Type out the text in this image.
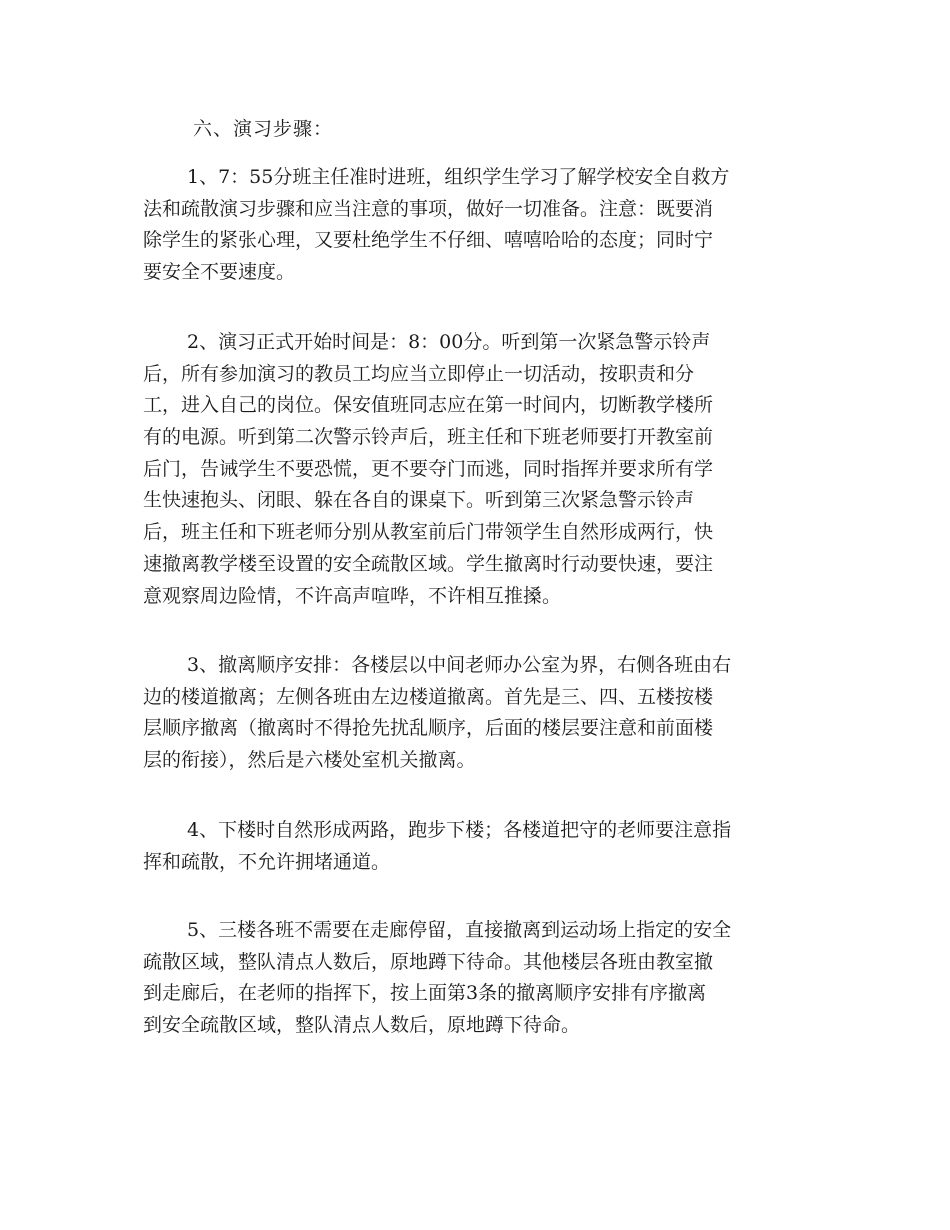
六、演习步骤：
1、7：55分班主任准时进班，组织学生学习了解学校安全自救方
法和疏散演习步骤和应当注意的事项，做好一切准备。注意：既要消
除学生的紧张心理，又要杜绝学生不仔细、嘻嘻哈哈的态度；同时宁
要安全不要速度。
2、演习正式开始时间是：8：00分。听到第一次紧急警示铃声
后，所有参加演习的教员工均应当立即停止一切活动，按职责和分
工，进入自己的岗位。保安值班同志应在第一时间内，切断教学楼所
有的电源。听到第二次警示铃声后，班主任和下班老师要打开教室前
后门，告诫学生不要恐慌，更不要夺门而逃，同时指挥并要求所有学
生快速抱头、闭眼、躲在各自的课桌下。听到第三次紧急警示铃声
后，班主任和下班老师分别从教室前后门带领学生自然形成两行，快
速撤离教学楼至设置的安全疏散区域。学生撤离时行动要快速，要注
意观察周边险情，不许高声喧哗，不许相互推搡。
3、撤离顺序安排：各楼层以中间老师办公室为界，右侧各班由右
边的楼道撤离；左侧各班由左边楼道撤离。首先是三、四、五楼按楼
层顺序撤离（撤离时不得抢先扰乱顺序，后面的楼层要注意和前面楼
层的衔接），然后是六楼处室机关撤离。
4、下楼时自然形成两路，跑步下楼；各楼道把守的老师要注意指
挥和疏散，不允许拥堵通道。
5、三楼各班不需要在走廊停留，直接撤离到运动场上指定的安全
疏散区域，整队清点人数后，原地蹲下待命。其他楼层各班由教室撤
到走廊后，在老师的指挥下，按上面第3条的撤离顺序安排有序撤离
到安全疏散区域，整队清点人数后，原地蹲下待命。
